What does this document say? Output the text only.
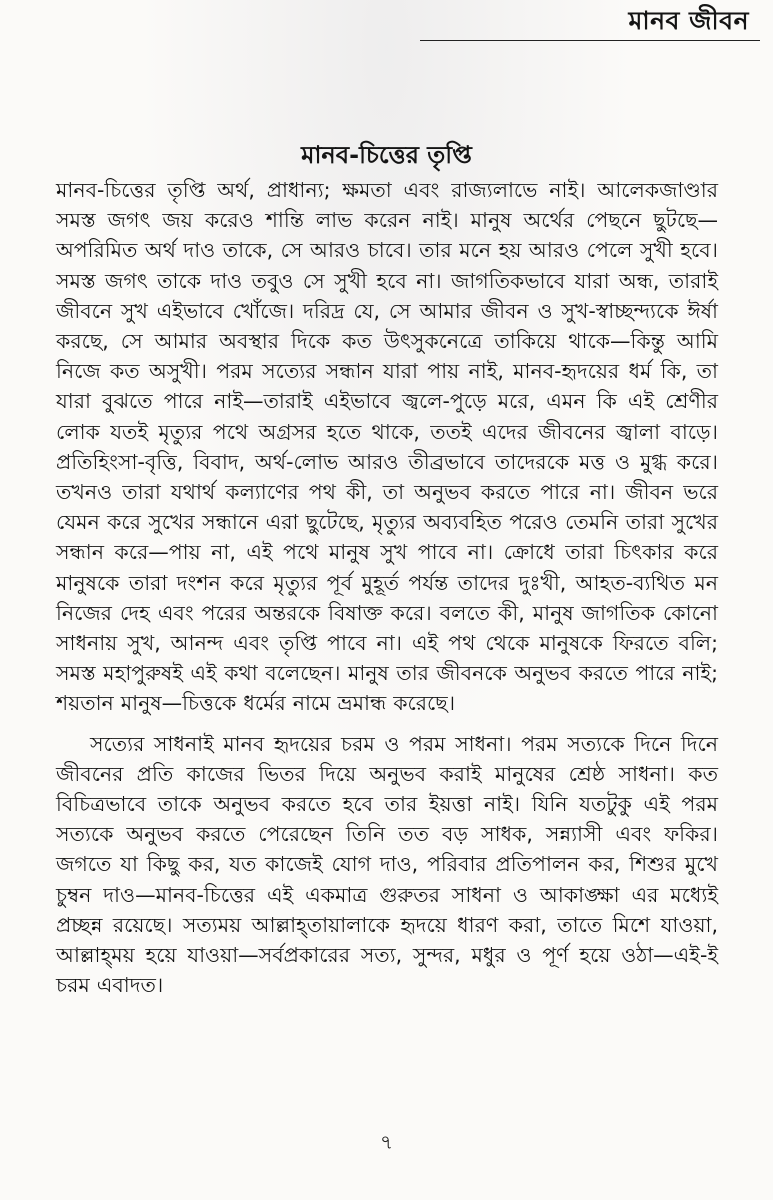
মানব জীবন
মানব-চিত্তের তৃপ্তি

মানব-চিত্তের তৃপ্তি অর্থ, প্রাধান্য; ক্ষমতা এবং রাজ্যলাভে নাই। আলেকজাণ্ডার সমস্ত জগৎ জয় করেও শান্তি লাভ করেন নাই। মানুষ অর্থের পেছনে ছুটছে—অপরিমিত অর্থ দাও তাকে, সে আরও চাবে। তার মনে হয় আরও পেলে সুখী হবে। সমস্ত জগৎ তাকে দাও তবুও সে সুখী হবে না। জাগতিকভাবে যারা অন্ধ, তারাই জীবনে সুখ এইভাবে খোঁজে। দরিদ্র যে, সে আমার জীবন ও সুখ-স্বাচ্ছন্দ্যকে ঈর্ষা করছে, সে আমার অবস্থার দিকে কত উৎসুকনেত্রে তাকিয়ে থাকে—কিন্তু আমি নিজে কত অসুখী। পরম সত্যের সন্ধান যারা পায় নাই, মানব-হৃদয়ের ধর্ম কি, তা যারা বুঝতে পারে নাই—তারাই এইভাবে জ্বলে-পুড়ে মরে, এমন কি এই শ্রেণীর লোক যতই মৃত্যুর পথে অগ্রসর হতে থাকে, ততই এদের জীবনের জ্বালা বাড়ে। প্রতিহিংসা-বৃত্তি, বিবাদ, অর্থ-লোভ আরও তীব্রভাবে তাদেরকে মত্ত ও মুগ্ধ করে। তখনও তারা যথার্থ কল্যাণের পথ কী, তা অনুভব করতে পারে না। জীবন ভরে যেমন করে সুখের সন্ধানে এরা ছুটেছে, মৃত্যুর অব্যবহিত পরেও তেমনি তারা সুখের সন্ধান করে—পায় না, এই পথে মানুষ সুখ পাবে না। ক্রোধে তারা চিৎকার করে মানুষকে তারা দংশন করে মৃত্যুর পূর্ব মুহূর্ত পর্যন্ত তাদের দুঃখী, আহত-ব্যথিত মন নিজের দেহ এবং পরের অন্তরকে বিষাক্ত করে। বলতে কী, মানুষ জাগতিক কোনো সাধনায় সুখ, আনন্দ এবং তৃপ্তি পাবে না। এই পথ থেকে মানুষকে ফিরতে বলি; সমস্ত মহাপুরুষই এই কথা বলেছেন। মানুষ তার জীবনকে অনুভব করতে পারে নাই; শয়তান মানুষ—চিত্তকে ধর্মের নামে ভ্রমান্ধ করেছে।

সত্যের সাধনাই মানব হৃদয়ের চরম ও পরম সাধনা। পরম সত্যকে দিনে দিনে জীবনের প্রতি কাজের ভিতর দিয়ে অনুভব করাই মানুষের শ্রেষ্ঠ সাধনা। কত বিচিত্রভাবে তাকে অনুভব করতে হবে তার ইয়ত্তা নাই। যিনি যতটুকু এই পরম সত্যকে অনুভব করতে পেরেছেন তিনি তত বড় সাধক, সন্ন্যাসী এবং ফকির। জগতে যা কিছু কর, যত কাজেই যোগ দাও, পরিবার প্রতিপালন কর, শিশুর মুখে চুম্বন দাও—মানব-চিত্তের এই একমাত্র গুরুতর সাধনা ও আকাঙ্ক্ষা এর মধ্যেই প্রচ্ছন্ন রয়েছে। সত্যময় আল্লাহ্‌তায়ালাকে হৃদয়ে ধারণ করা, তাতে মিশে যাওয়া, আল্লাহ্‌ময় হয়ে যাওয়া—সর্বপ্রকারের সত্য, সুন্দর, মধুর ও পূর্ণ হয়ে ওঠা—এই-ই চরম এবাদত।

৭
